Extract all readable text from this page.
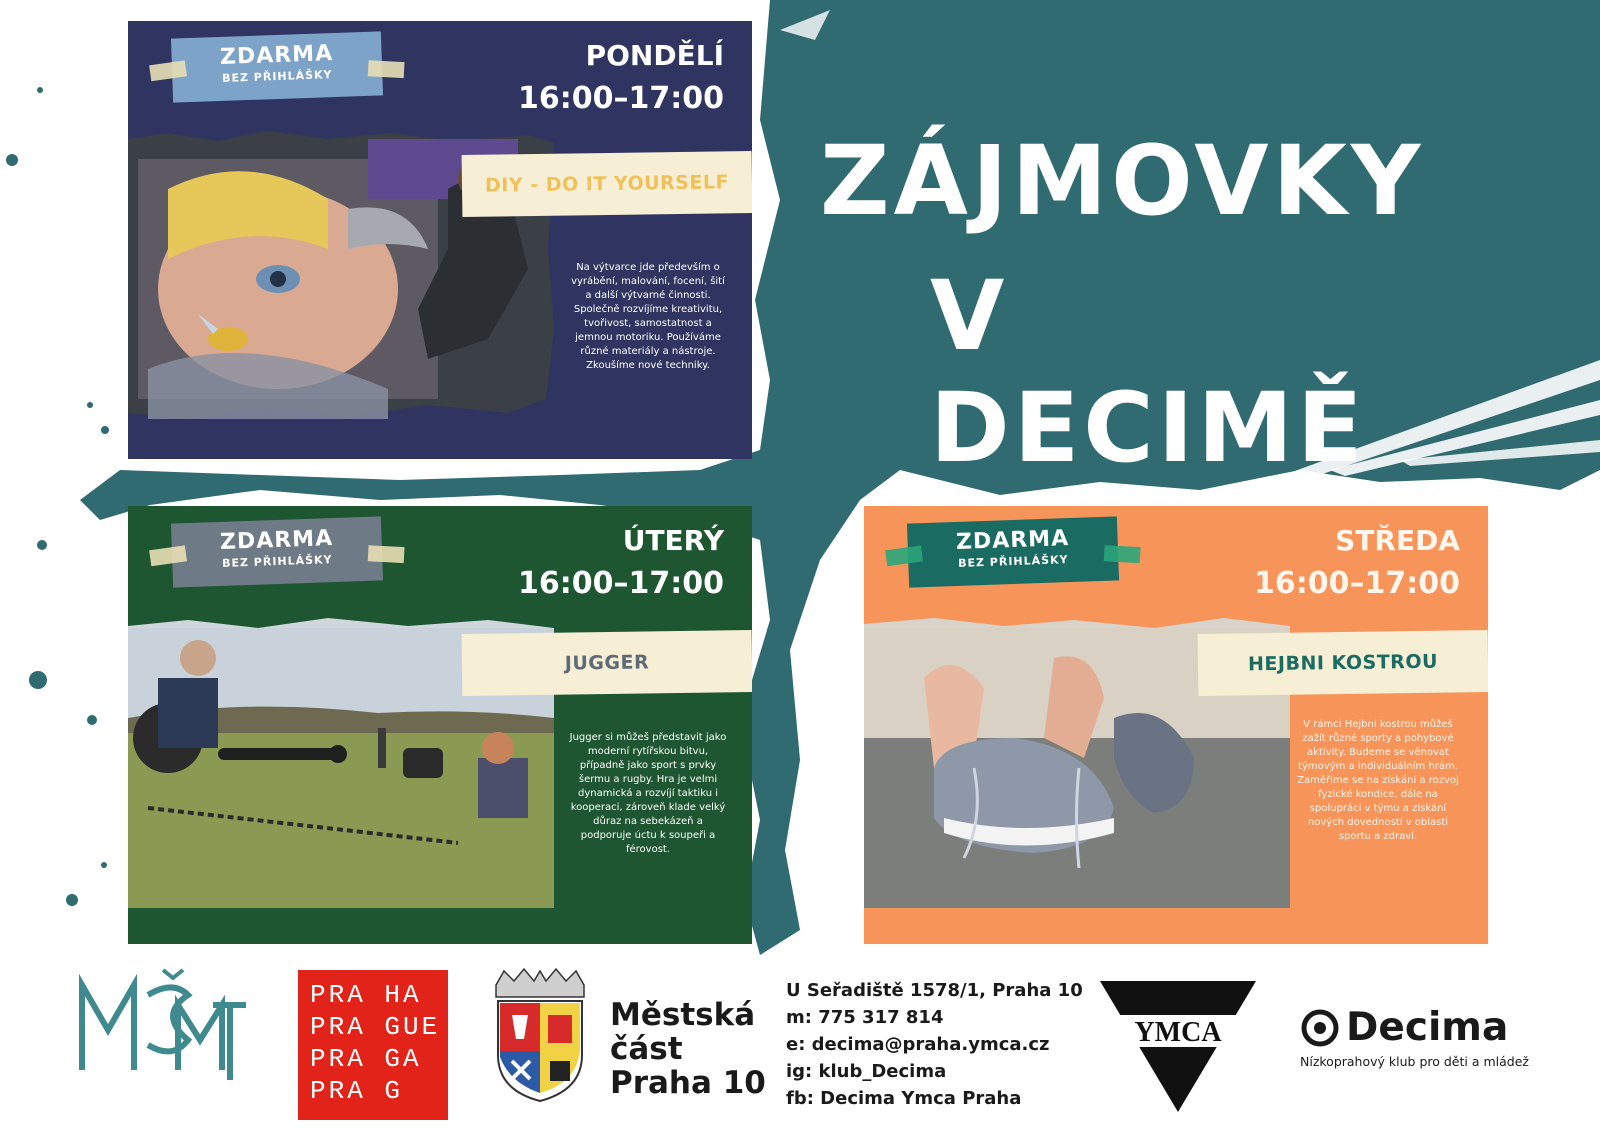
ZÁJMOVKY
V DECIMĚ
ZDARMA
BEZ PŘIHLÁŠKY
PONDĚLÍ
16:00–17:00
DIY - DO IT YOURSELF
Na výtvarce jde především o vyrábění, malování, focení, šití a další výtvarné činnosti. Společně rozvíjíme kreativitu, tvořivost, samostatnost a jemnou motoriku. Používáme různé materiály a nástroje. Zkoušíme nové techniky.
ZDARMA
BEZ PŘIHLÁŠKY
ÚTERÝ
16:00–17:00
JUGGER
Jugger si můžeš představit jako moderní rytířskou bitvu, případně jako sport s prvky šermu a rugby. Hra je velmi dynamická a rozvíjí taktiku i kooperaci, zároveň klade velký důraz na sebekázeň a podporuje úctu k soupeři a férovost.
ZDARMA
BEZ PŘIHLÁŠKY
STŘEDA
16:00–17:00
HEJBNI KOSTROU
V rámci Hejbni kostrou můžeš zažít různé sporty a pohybové aktivity. Budeme se věnovat týmovým a individuálním hrám. Zaměříme se na získání a rozvoj fyzické kondice, dále na spolupráci v týmu a získání nových dovedností v oblasti sportu a zdraví.
PRA HA
PRA GUE
PRA GA
PRA G
Městská
část
Praha 10
U Seřadiště 1578/1, Praha 10
m: 775 317 814
e: decima@praha.ymca.cz
ig: klub_Decima
fb: Decima Ymca Praha
YMCA	Decima
Nízkoprahový klub pro děti a mládež
